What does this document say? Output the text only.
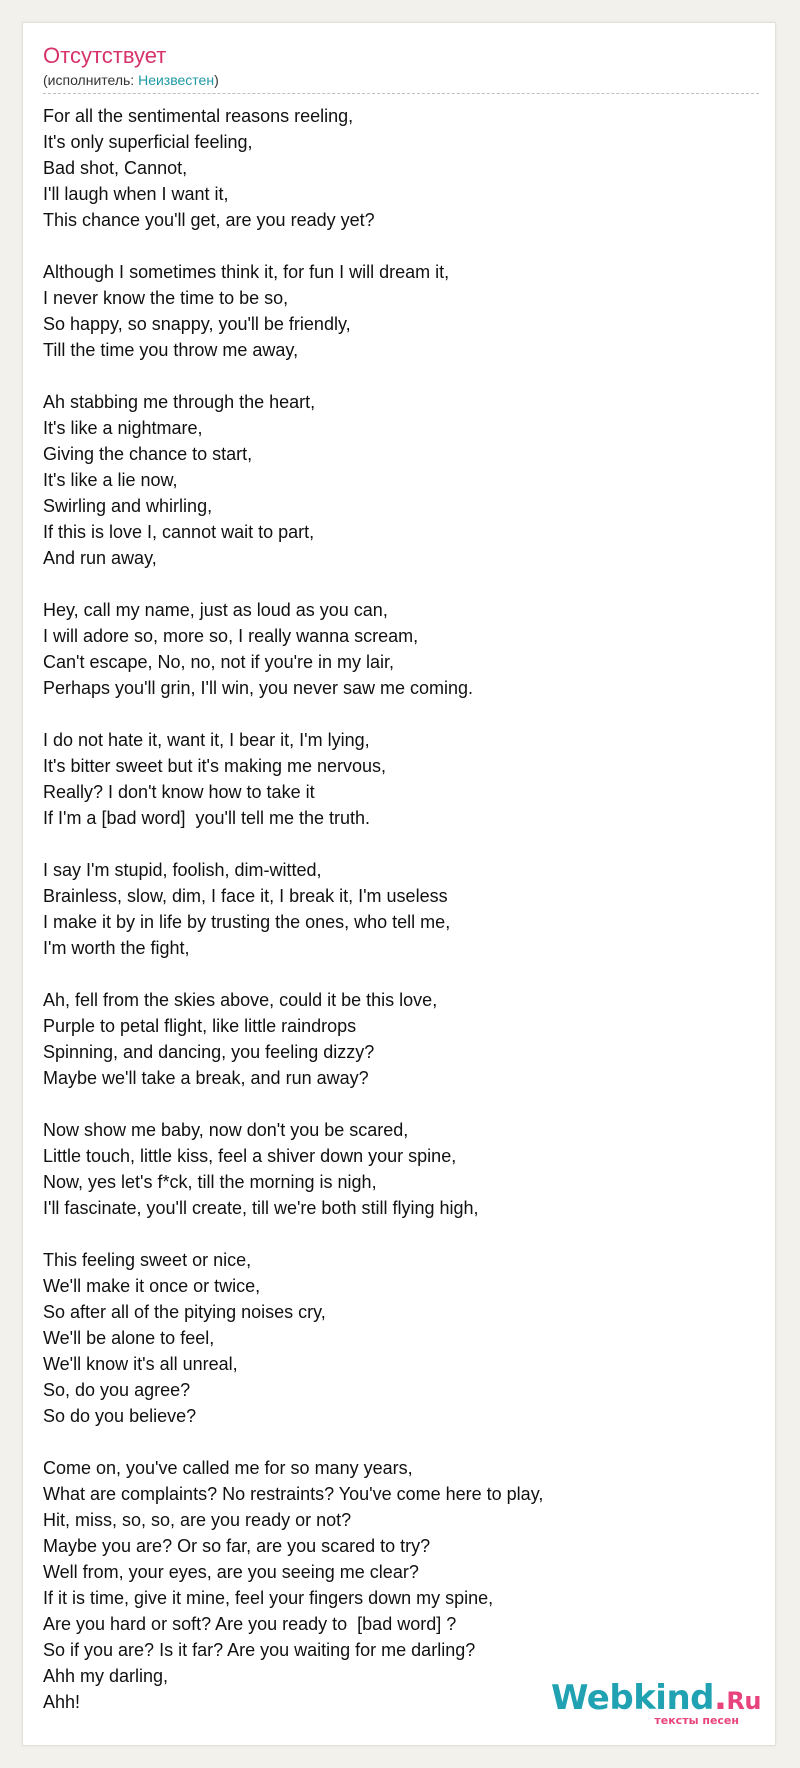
Отсутствует
(исполнитель: Неизвестен)
For all the sentimental reasons reeling,
It's only superficial feeling,
Bad shot, Cannot,
I'll laugh when I want it,
This chance you'll get, are you ready yet?
Although I sometimes think it, for fun I will dream it,
I never know the time to be so,
So happy, so snappy, you'll be friendly,
Till the time you throw me away,
Ah stabbing me through the heart,
It's like a nightmare,
Giving the chance to start,
It's like a lie now,
Swirling and whirling,
If this is love I, cannot wait to part,
And run away,
Hey, call my name, just as loud as you can,
I will adore so, more so, I really wanna scream,
Can't escape, No, no, not if you're in my lair,
Perhaps you'll grin, I'll win, you never saw me coming.
I do not hate it, want it, I bear it, I'm lying,
It's bitter sweet but it's making me nervous,
Really? I don't know how to take it
If I'm a [bad word]  you'll tell me the truth.
I say I'm stupid, foolish, dim-witted,
Brainless, slow, dim, I face it, I break it, I'm useless
I make it by in life by trusting the ones, who tell me,
I'm worth the fight,
Ah, fell from the skies above, could it be this love,
Purple to petal flight, like little raindrops
Spinning, and dancing, you feeling dizzy?
Maybe we'll take a break, and run away?
Now show me baby, now don't you be scared,
Little touch, little kiss, feel a shiver down your spine,
Now, yes let's f*ck, till the morning is nigh,
I'll fascinate, you'll create, till we're both still flying high,
This feeling sweet or nice,
We'll make it once or twice,
So after all of the pitying noises cry,
We'll be alone to feel,
We'll know it's all unreal,
So, do you agree?
So do you believe?
Come on, you've called me for so many years,
What are complaints? No restraints? You've come here to play,
Hit, miss, so, so, are you ready or not?
Maybe you are? Or so far, are you scared to try?
Well from, your eyes, are you seeing me clear?
If it is time, give it mine, feel your fingers down my spine,
Are you hard or soft? Are you ready to  [bad word] ?
So if you are? Is it far? Are you waiting for me darling?
Ahh my darling,
Ahh!	Webkind.Ru
тексты песен
